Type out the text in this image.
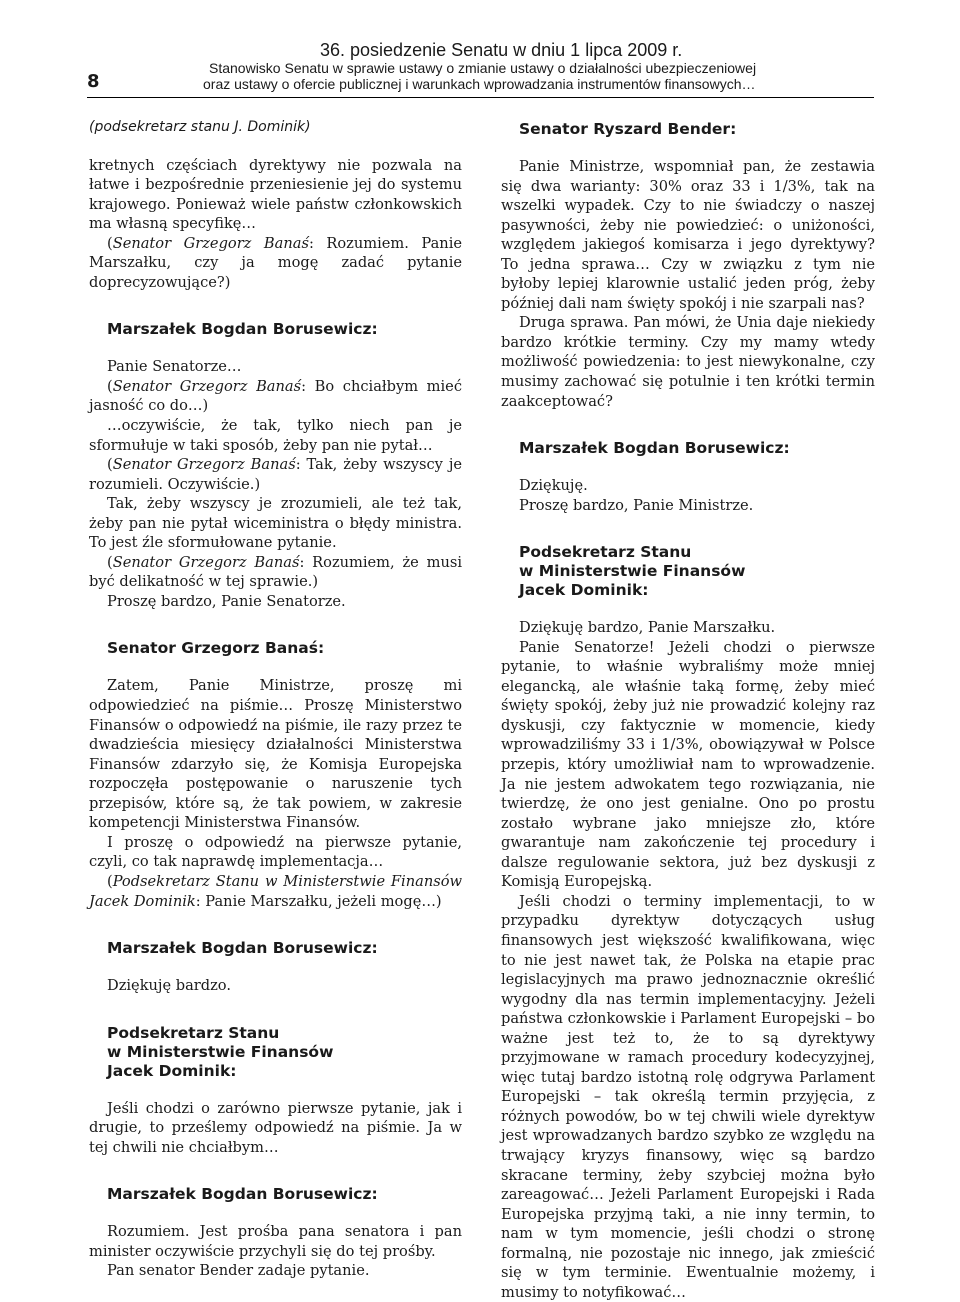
36. posiedzenie Senatu w dniu 1 lipca 2009 r.
Stanowisko Senatu w sprawie ustawy o zmianie ustawy o działalności ubezpieczeniowej
8	oraz ustawy o ofercie publicznej i warunkach wprowadzania instrumentów finansowych…
(podsekretarz stanu J. Dominik)

kretnych częściach dyrektywy nie pozwala na łatwe i bezpośrednie przeniesienie jej do systemu krajowego. Ponieważ wiele państw członkowskich ma własną specyfikę…

(Senator Grzegorz Banaś: Rozumiem. Panie Marszałku, czy ja mogę zadać pytanie doprecyzowujące?)

Marszałek Bogdan Borusewicz:

Panie Senatorze…

(Senator Grzegorz Banaś: Bo chciałbym mieć jasność co do…)

…oczywiście, że tak, tylko niech pan je sformułuje w taki sposób, żeby pan nie pytał…

(Senator Grzegorz Banaś: Tak, żeby wszyscy je rozumieli. Oczywiście.)

Tak, żeby wszyscy je zrozumieli, ale też tak, żeby pan nie pytał wiceministra o błędy ministra. To jest źle sformułowane pytanie.

(Senator Grzegorz Banaś: Rozumiem, że musi być delikatność w tej sprawie.)

Proszę bardzo, Panie Senatorze.

Senator Grzegorz Banaś:

Zatem, Panie Ministrze, proszę mi odpowiedzieć na piśmie… Proszę Ministerstwo Finansów o odpowiedź na piśmie, ile razy przez te dwadzieścia miesięcy działalności Ministerstwa Finansów zdarzyło się, że Komisja Europejska rozpoczęła postępowanie o naruszenie tych przepisów, które są, że tak powiem, w zakresie kompetencji Ministerstwa Finansów.

I proszę o odpowiedź na pierwsze pytanie, czyli, co tak naprawdę implementacja…

(Podsekretarz Stanu w Ministerstwie Finansów Jacek Dominik: Panie Marszałku, jeżeli mogę…)

Marszałek Bogdan Borusewicz:

Dziękuję bardzo.

Podsekretarz Stanu
w Ministerstwie Finansów
Jacek Dominik:

Jeśli chodzi o zarówno pierwsze pytanie, jak i drugie, to prześlemy odpowiedź na piśmie. Ja w tej chwili nie chciałbym…

Marszałek Bogdan Borusewicz:

Rozumiem. Jest prośba pana senatora i pan minister oczywiście przychyli się do tej prośby.

Pan senator Bender zadaje pytanie.

Senator Ryszard Bender:

Panie Ministrze, wspomniał pan, że zestawia się dwa warianty: 30% oraz 33 i 1/3%, tak na wszelki wypadek. Czy to nie świadczy o naszej pasywności, żeby nie powiedzieć: o uniżoności, względem jakiegoś komisarza i jego dyrektywy? To jedna sprawa… Czy w związku z tym nie byłoby lepiej klarownie ustalić jeden próg, żeby później dali nam święty spokój i nie szarpali nas?

Druga sprawa. Pan mówi, że Unia daje niekiedy bardzo krótkie terminy. Czy my mamy wtedy możliwość powiedzenia: to jest niewykonalne, czy musimy zachować się potulnie i ten krótki termin zaakceptować?

Marszałek Bogdan Borusewicz:

Dziękuję.

Proszę bardzo, Panie Ministrze.

Podsekretarz Stanu
w Ministerstwie Finansów
Jacek Dominik:

Dziękuję bardzo, Panie Marszałku.

Panie Senatorze! Jeżeli chodzi o pierwsze pytanie, to właśnie wybraliśmy może mniej elegancką, ale właśnie taką formę, żeby mieć święty spokój, żeby już nie prowadzić kolejny raz dyskusji, czy faktycznie w momencie, kiedy wprowadziliśmy 33 i 1/3%, obowiązywał w Polsce przepis, który umożliwiał nam to wprowadzenie. Ja nie jestem adwokatem tego rozwiązania, nie twierdzę, że ono jest genialne. Ono po prostu zostało wybrane jako mniejsze zło, które gwarantuje nam zakończenie tej procedury i dalsze regulowanie sektora, już bez dyskusji z Komisją Europejską.

Jeśli chodzi o terminy implementacji, to w przypadku dyrektyw dotyczących usług finansowych jest większość kwalifikowana, więc to nie jest nawet tak, że Polska na etapie prac legislacyjnych ma prawo jednoznacznie określić wygodny dla nas termin implementacyjny. Jeżeli państwa członkowskie i Parlament Europejski – bo ważne jest też to, że to są dyrektywy przyjmowane w ramach procedury kodecyzyjnej, więc tutaj bardzo istotną rolę odgrywa Parlament Europejski – tak określą termin przyjęcia, z różnych powodów, bo w tej chwili wiele dyrektyw jest wprowadzanych bardzo szybko ze względu na trwający kryzys finansowy, więc są bardzo skracane terminy, żeby szybciej można było zareagować… Jeżeli Parlament Europejski i Rada Europejska przyjmą taki, a nie inny termin, to nam w tym momencie, jeśli chodzi o stronę formalną, nie pozostaje nic innego, jak zmieścić się w tym terminie. Ewentualnie możemy, i musimy to notyfikować…
